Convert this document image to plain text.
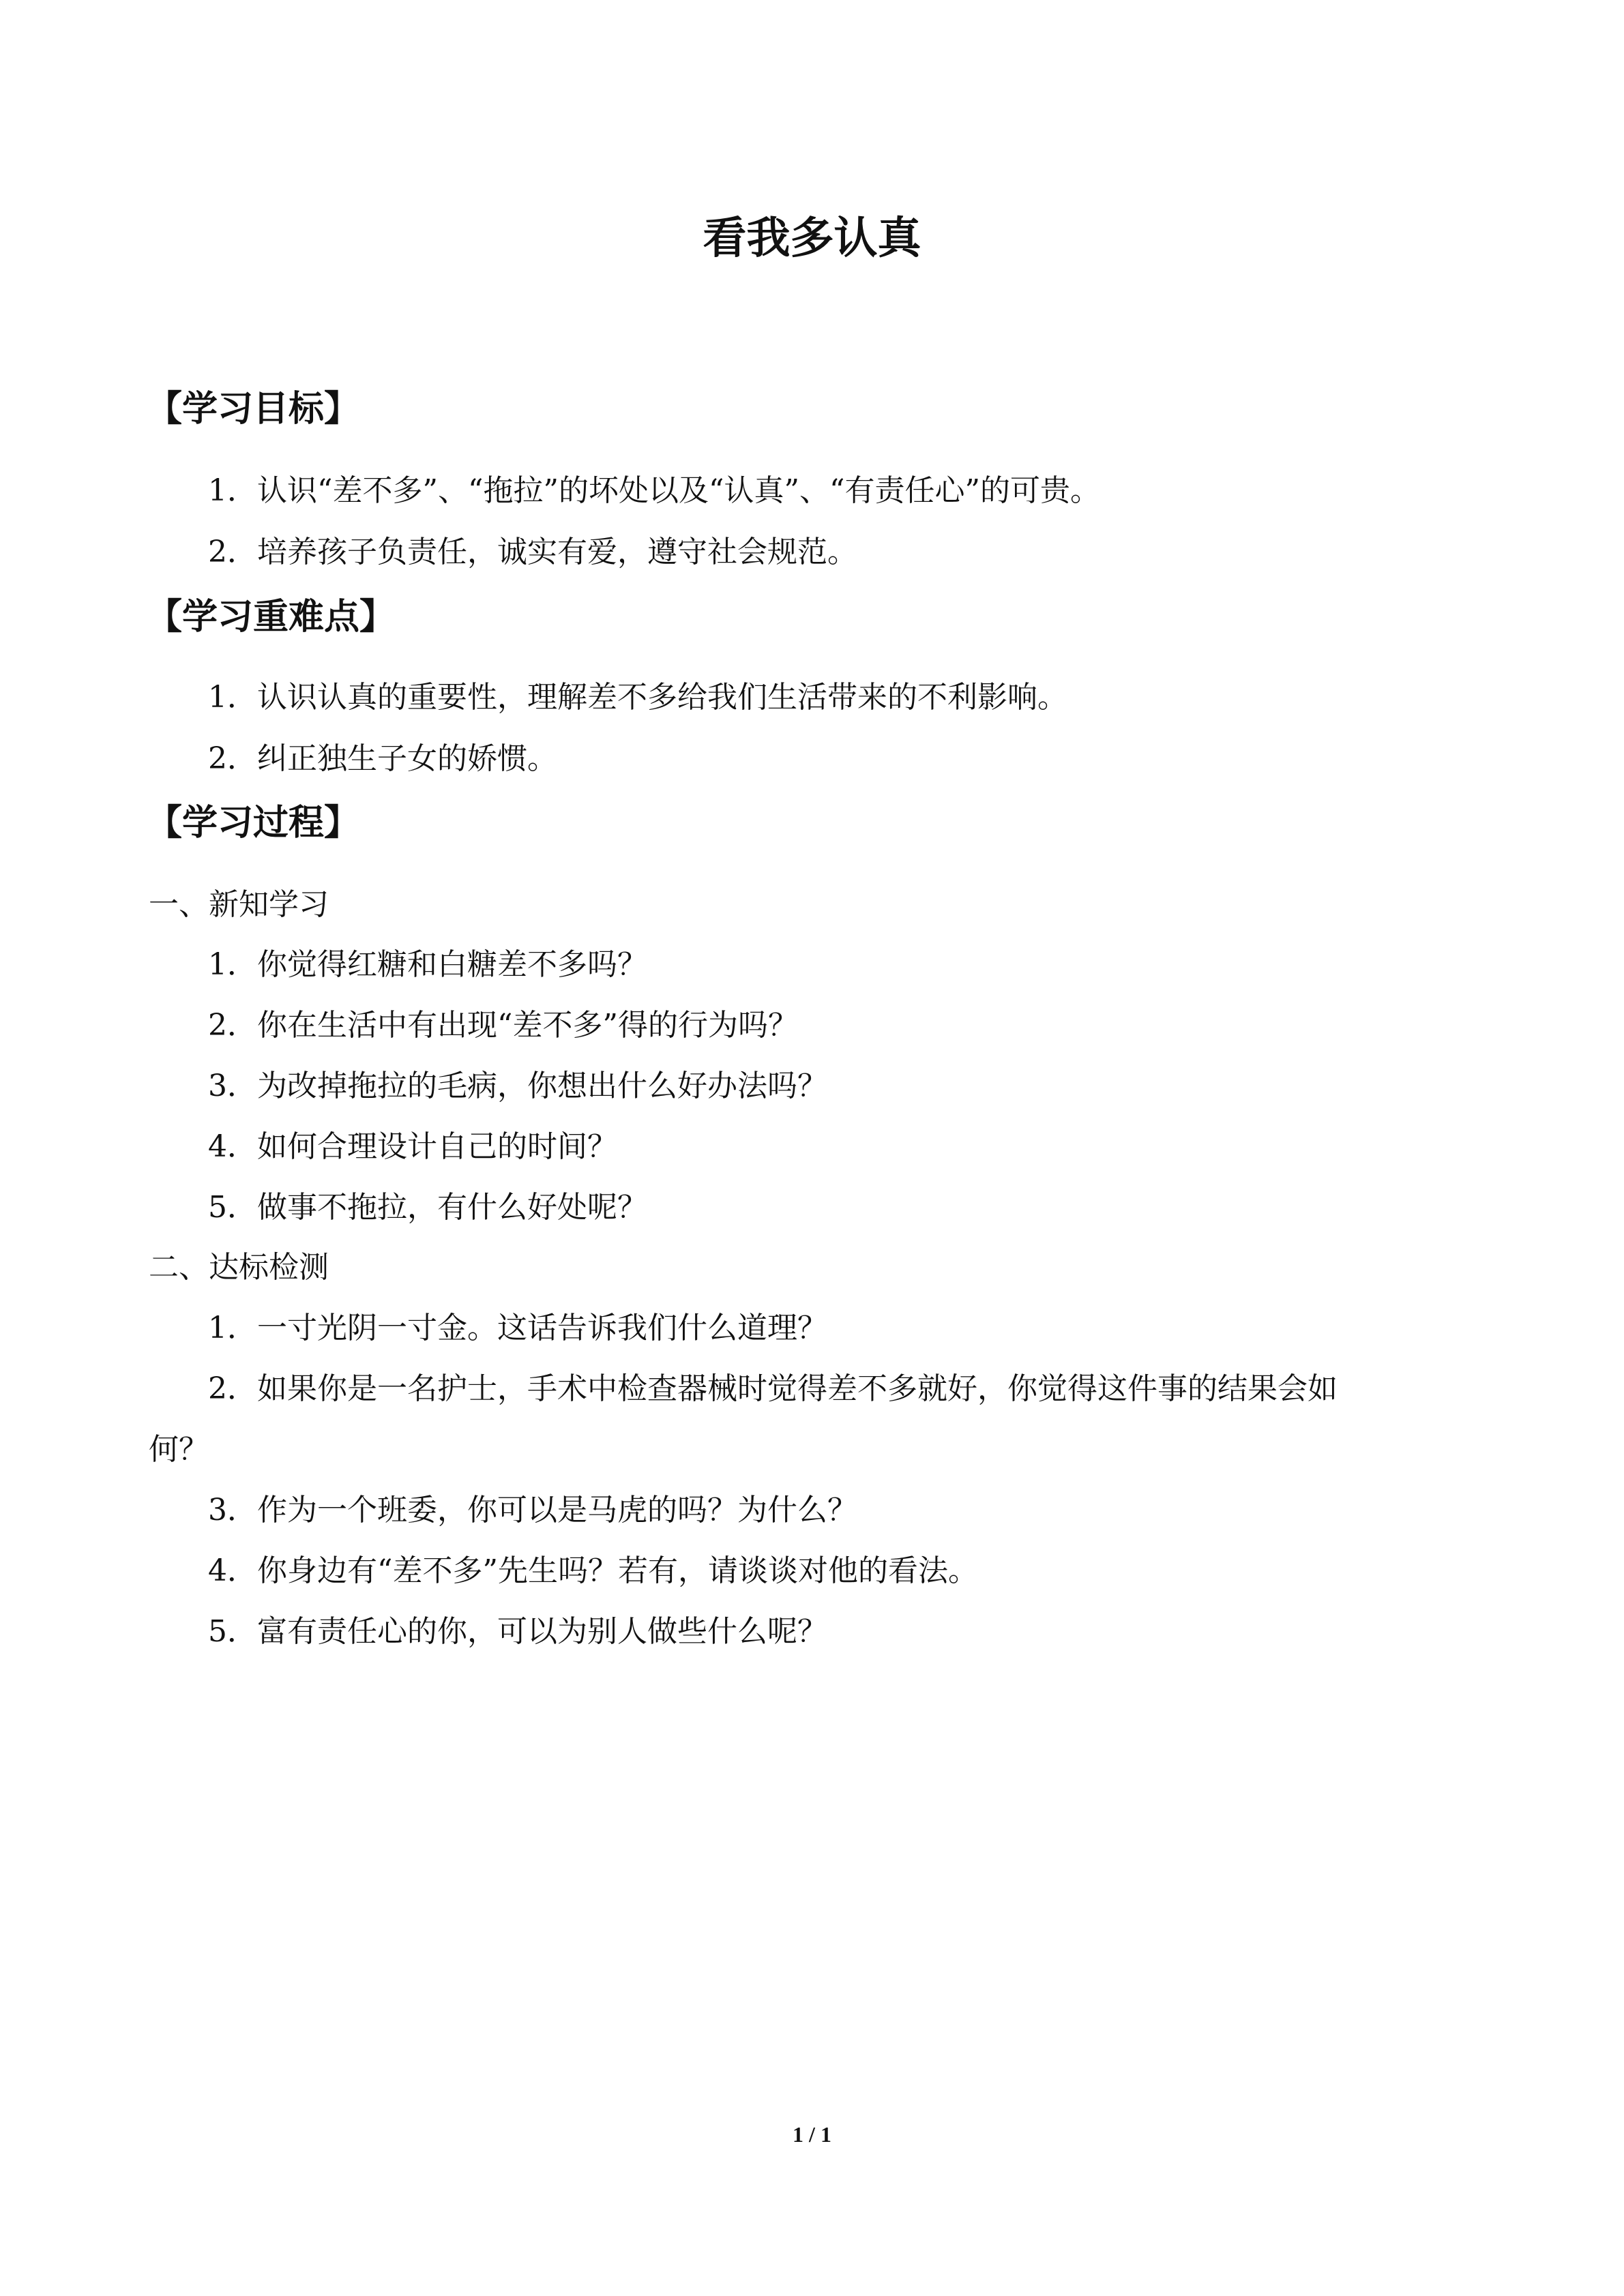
看我多认真
【学习目标】
1．认识“差不多”、“拖拉”的坏处以及“认真”、“有责任心”的可贵。
2．培养孩子负责任，诚实有爱，遵守社会规范。
【学习重难点】
1．认识认真的重要性，理解差不多给我们生活带来的不利影响。
2．纠正独生子女的娇惯。
【学习过程】
一、新知学习
1．你觉得红糖和白糖差不多吗？
2．你在生活中有出现“差不多”得的行为吗？
3．为改掉拖拉的毛病，你想出什么好办法吗？
4．如何合理设计自己的时间？
5．做事不拖拉，有什么好处呢？
二、达标检测
1．一寸光阴一寸金。这话告诉我们什么道理？
2．如果你是一名护士，手术中检查器械时觉得差不多就好，你觉得这件事的结果会如
何？
3．作为一个班委，你可以是马虎的吗？为什么？
4．你身边有“差不多”先生吗？若有，请谈谈对他的看法。
5．富有责任心的你，可以为别人做些什么呢？
1 / 1
